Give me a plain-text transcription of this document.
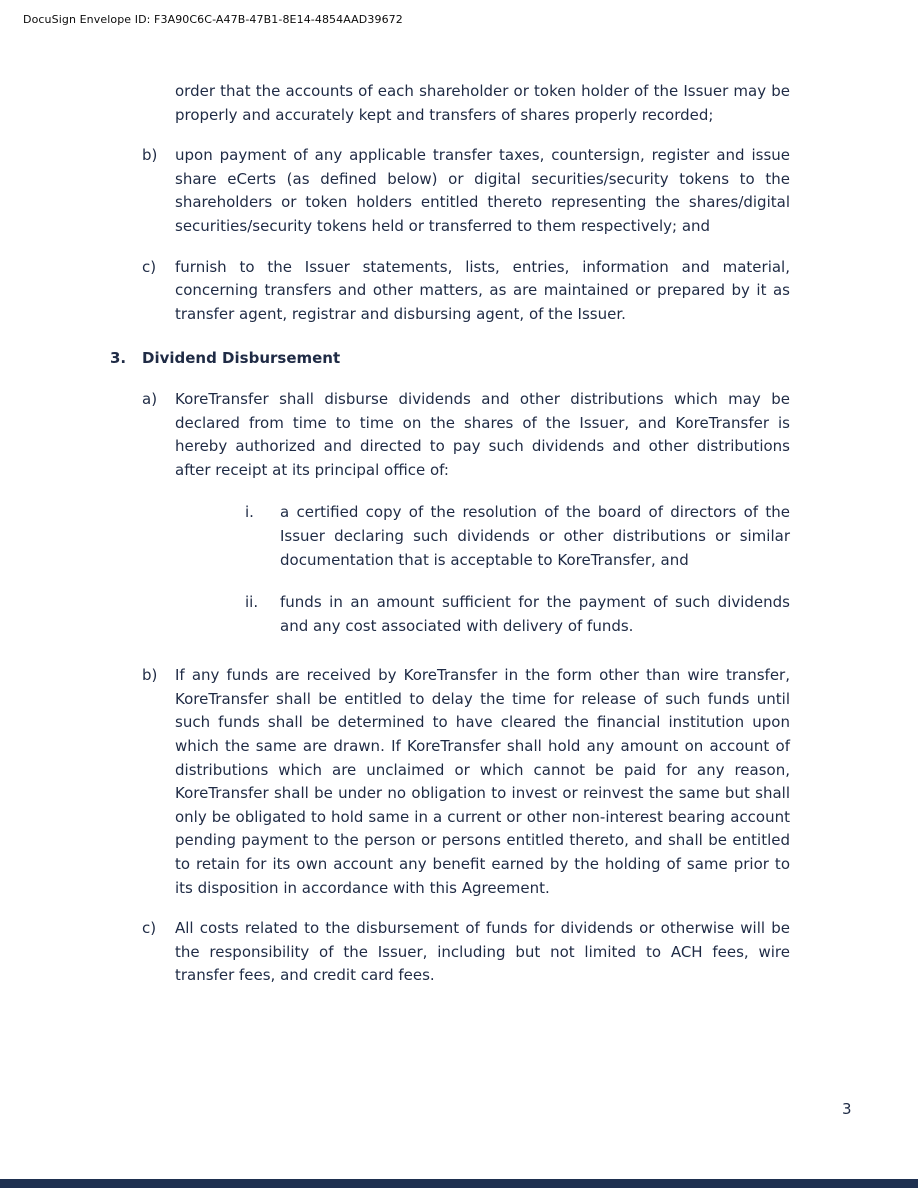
DocuSign Envelope ID: F3A90C6C-A47B-47B1-8E14-4854AAD39672

order that the accounts of each shareholder or token holder of the Issuer may be properly and accurately kept and transfers of shares properly recorded;

b)	upon payment of any applicable transfer taxes, countersign, register and issue share eCerts (as defined below) or digital securities/security tokens to the shareholders or token holders entitled thereto representing the shares/digital securities/security tokens held or transferred to them respectively; and
c)	furnish to the Issuer statements, lists, entries, information and material, concerning transfers and other matters, as are maintained or prepared by it as transfer agent, registrar and disbursing agent, of the Issuer.
3.	Dividend Disbursement
a)	KoreTransfer shall disburse dividends and other distributions which may be declared from time to time on the shares of the Issuer, and KoreTransfer is hereby authorized and directed to pay such dividends and other distributions after receipt at its principal office of:
i.	a certified copy of the resolution of the board of directors of the Issuer declaring such dividends or other distributions or similar documentation that is acceptable to KoreTransfer, and
ii.	funds in an amount sufficient for the payment of such dividends and any cost associated with delivery of funds.
b)	If any funds are received by KoreTransfer in the form other than wire transfer, KoreTransfer shall be entitled to delay the time for release of such funds until such funds shall be determined to have cleared the financial institution upon which the same are drawn. If KoreTransfer shall hold any amount on account of distributions which are unclaimed or which cannot be paid for any reason, KoreTransfer shall be under no obligation to invest or reinvest the same but shall only be obligated to hold same in a current or other non-interest bearing account pending payment to the person or persons entitled thereto, and shall be entitled to retain for its own account any benefit earned by the holding of same prior to its disposition in accordance with this Agreement.
c)	All costs related to the disbursement of funds for dividends or otherwise will be the responsibility of the Issuer, including but not limited to ACH fees, wire transfer fees, and credit card fees.
3
